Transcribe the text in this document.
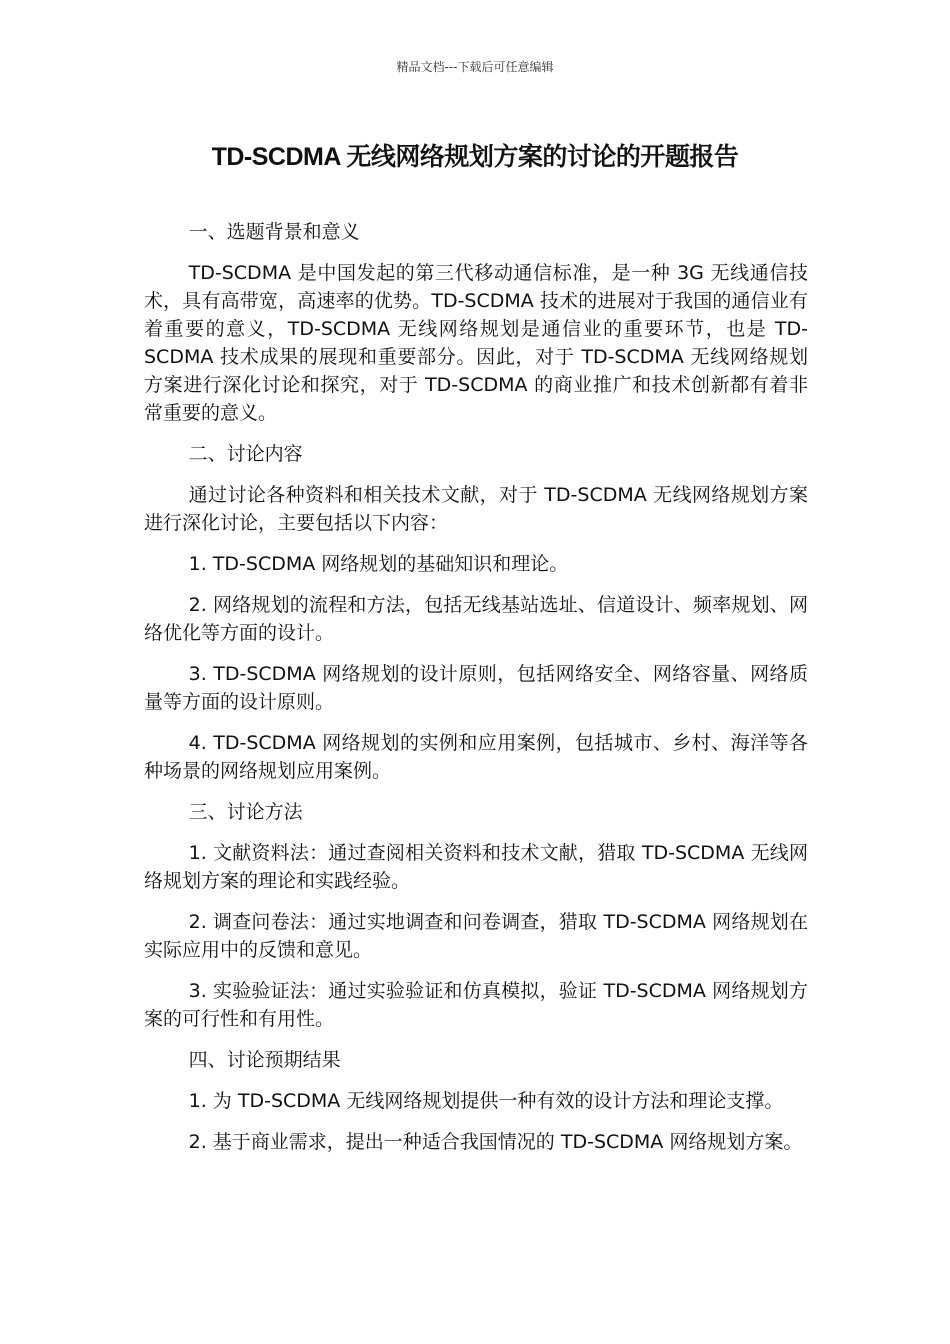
精品文档---下载后可任意编辑
TD-SCDMA 无线网络规划方案的讨论的开题报告

一、选题背景和意义

TD-SCDMA 是中国发起的第三代移动通信标准，是一种 3G 无线通信技术，具有高带宽，高速率的优势。TD-SCDMA 技术的进展对于我国的通信业有着重要的意义，TD-SCDMA 无线网络规划是通信业的重要环节，也是 TD-SCDMA 技术成果的展现和重要部分。因此，对于 TD-SCDMA 无线网络规划方案进行深化讨论和探究，对于 TD-SCDMA 的商业推广和技术创新都有着非常重要的意义。

二、讨论内容

通过讨论各种资料和相关技术文献，对于 TD-SCDMA 无线网络规划方案进行深化讨论，主要包括以下内容：

1. TD-SCDMA 网络规划的基础知识和理论。

2. 网络规划的流程和方法，包括无线基站选址、信道设计、频率规划、网络优化等方面的设计。

3. TD-SCDMA 网络规划的设计原则，包括网络安全、网络容量、网络质量等方面的设计原则。

4. TD-SCDMA 网络规划的实例和应用案例，包括城市、乡村、海洋等各种场景的网络规划应用案例。

三、讨论方法

1. 文献资料法：通过查阅相关资料和技术文献，猎取 TD-SCDMA 无线网络规划方案的理论和实践经验。

2. 调查问卷法：通过实地调查和问卷调查，猎取 TD-SCDMA 网络规划在实际应用中的反馈和意见。

3. 实验验证法：通过实验验证和仿真模拟，验证 TD-SCDMA 网络规划方案的可行性和有用性。

四、讨论预期结果

1. 为 TD-SCDMA 无线网络规划提供一种有效的设计方法和理论支撑。

2. 基于商业需求，提出一种适合我国情况的 TD-SCDMA 网络规划方案。
